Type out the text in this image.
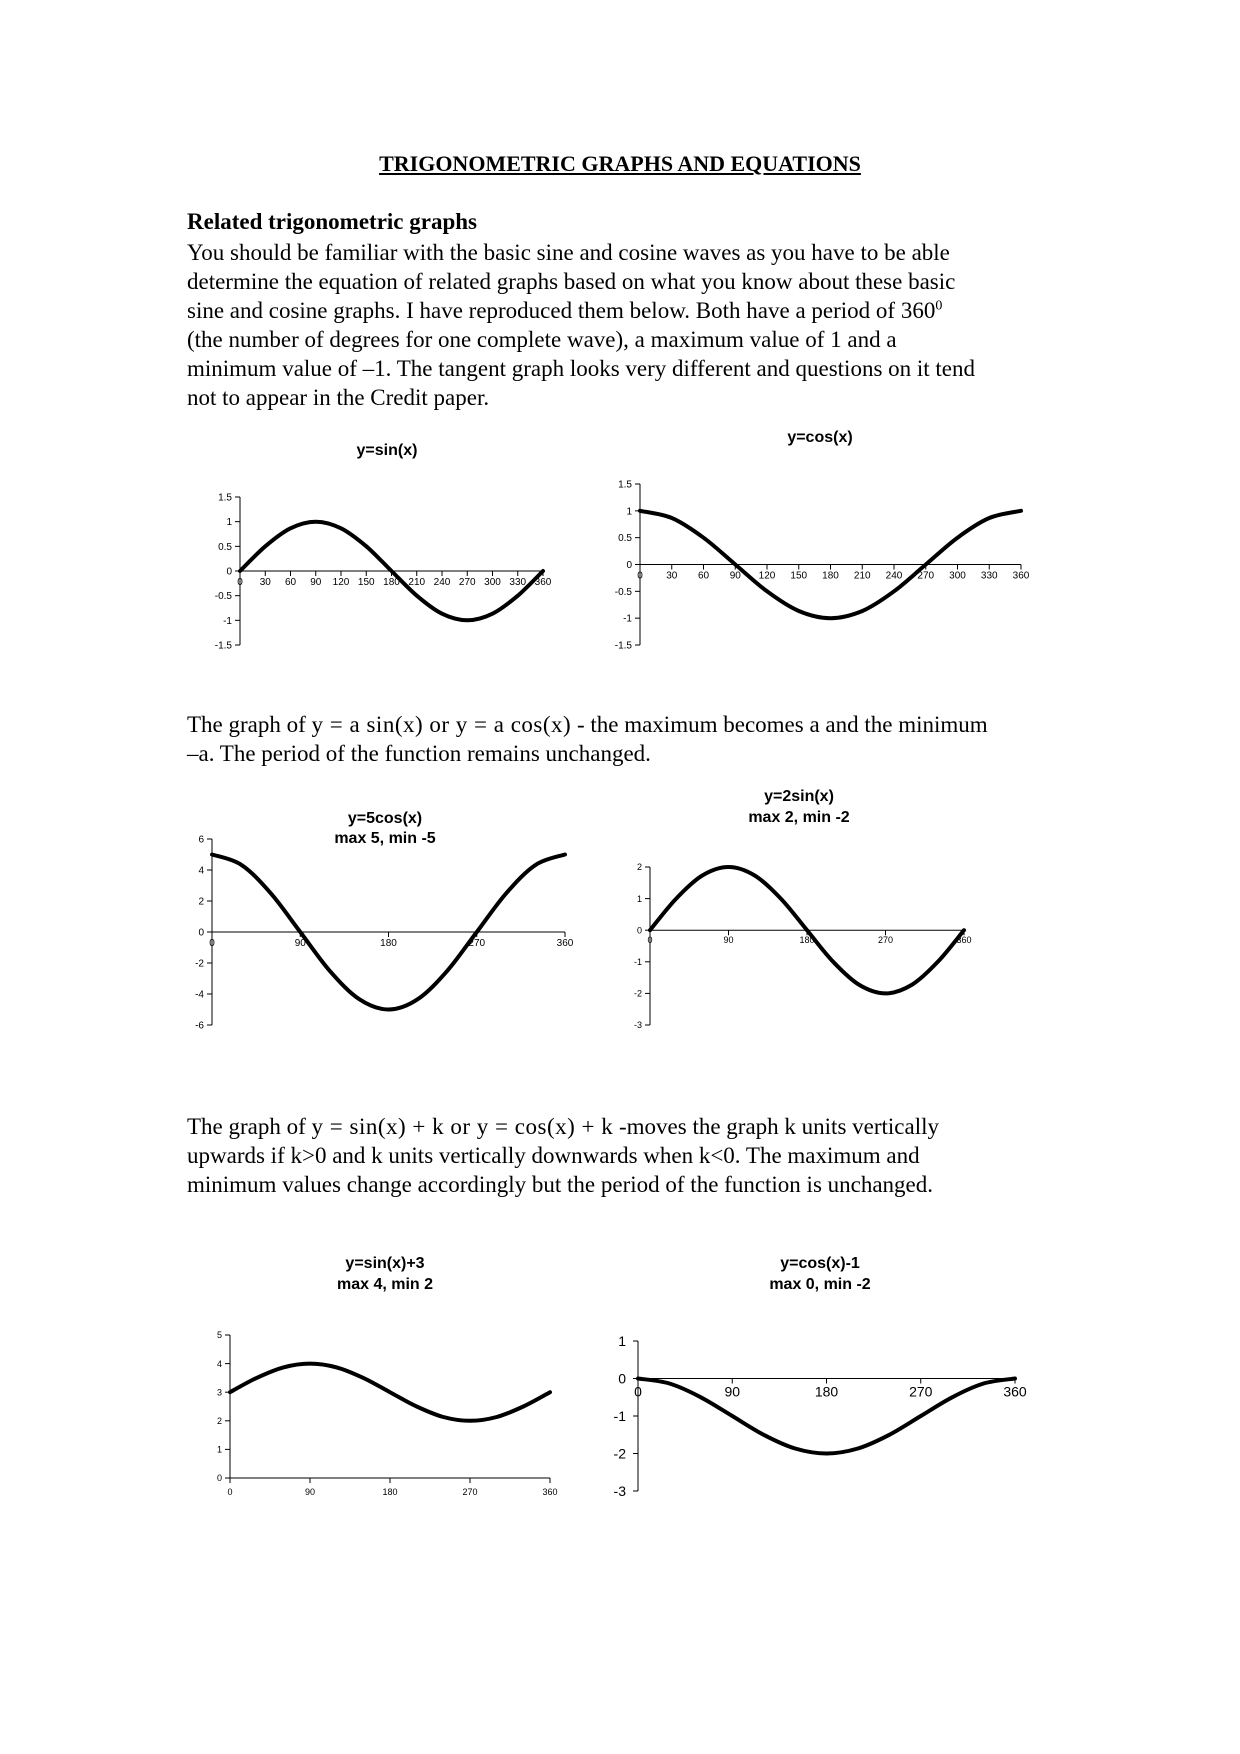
TRIGONOMETRIC GRAPHS AND EQUATIONS
Related trigonometric graphs

You should be familiar with the basic sine and cosine waves as you have to be able
determine the equation of related graphs based on what you know about these basic
sine and cosine graphs. I have reproduced them below. Both have a period of $360^0$
(the number of degrees for one complete wave), a maximum value of 1 and a
minimum value of –1. The tangent graph looks very different and questions on it tend
not to appear in the Credit paper.

y=sin(x)
-1.5
-1
-0.5
0
0.5
1
1.5
0 30 60 90 120 150 180 210 240 270 300 330 360
y=cos(x)
-1.5
-1
-0.5
0
0.5
1
1.5
0 30 60 90 120 150 180 210 240 270 300 330 360

The graph of y = a sin(x) or y = a cos(x) - the maximum becomes a and the minimum
–a. The period of the function remains unchanged.

y=5cos(x)
max 5, min -5
-6
-4
-2
0
2
4
6
0	90	180	270	360
y=2sin(x)
max 2, min -2
-3
-2
-1
0
1
2
0	90	180	270	360

The graph of y = sin(x) + k or y = cos(x) + k -moves the graph k units vertically
upwards if k>0 and k units vertically downwards when k<0. The maximum and
minimum values change accordingly but the period of the function is unchanged.

y=sin(x)+3
max 4, min 2
0
1
2
3
4
5
0	90	180	270	360
y=cos(x)-1
max 0, min -2
-3
-2
-1
0
1
0	90	180	270	360
